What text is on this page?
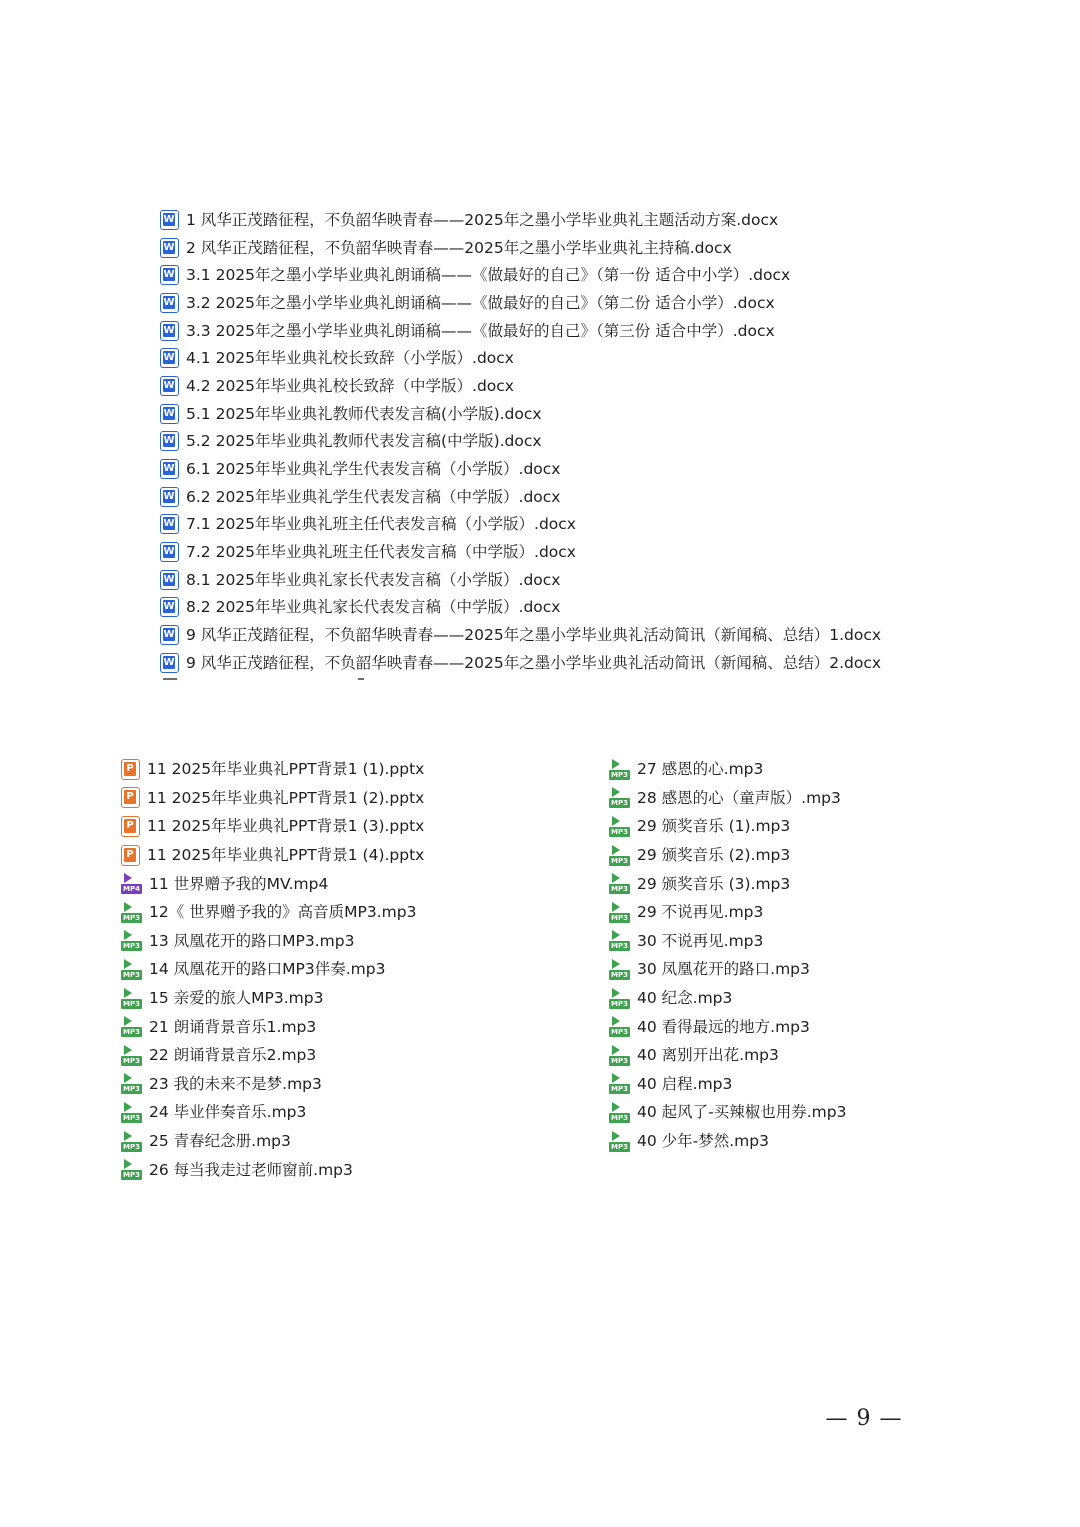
W
1 风华正茂踏征程，不负韶华映青春——2025年之墨小学毕业典礼主题活动方案.docx
W
2 风华正茂踏征程，不负韶华映青春——2025年之墨小学毕业典礼主持稿.docx
W
3.1 2025年之墨小学毕业典礼朗诵稿——《做最好的自己》（第一份 适合中小学）.docx
W
3.2 2025年之墨小学毕业典礼朗诵稿——《做最好的自己》（第二份 适合小学）.docx
W
3.3 2025年之墨小学毕业典礼朗诵稿——《做最好的自己》（第三份 适合中学）.docx
W
4.1 2025年毕业典礼校长致辞（小学版）.docx
W
4.2 2025年毕业典礼校长致辞（中学版）.docx
W
5.1 2025年毕业典礼教师代表发言稿(小学版).docx
W
5.2 2025年毕业典礼教师代表发言稿(中学版).docx
W
6.1 2025年毕业典礼学生代表发言稿（小学版）.docx
W
6.2 2025年毕业典礼学生代表发言稿（中学版）.docx
W
7.1 2025年毕业典礼班主任代表发言稿（小学版）.docx
W
7.2 2025年毕业典礼班主任代表发言稿（中学版）.docx
W
8.1 2025年毕业典礼家长代表发言稿（小学版）.docx
W
8.2 2025年毕业典礼家长代表发言稿（中学版）.docx
W
9 风华正茂踏征程，不负韶华映青春——2025年之墨小学毕业典礼活动简讯（新闻稿、总结）1.docx
W
9 风华正茂踏征程，不负韶华映青春——2025年之墨小学毕业典礼活动简讯（新闻稿、总结）2.docx
P
11 2025年毕业典礼PPT背景1 (1).pptx
P
11 2025年毕业典礼PPT背景1 (2).pptx
P
11 2025年毕业典礼PPT背景1 (3).pptx
P
11 2025年毕业典礼PPT背景1 (4).pptx
MP4
11 世界赠予我的MV.mp4
MP3
12《 世界赠予我的》高音质MP3.mp3
MP3
13 凤凰花开的路口MP3.mp3
MP3
14 凤凰花开的路口MP3伴奏.mp3
MP3
15 亲爱的旅人MP3.mp3
MP3
21 朗诵背景音乐1.mp3
MP3
22 朗诵背景音乐2.mp3
MP3
23 我的未来不是梦.mp3
MP3
24 毕业伴奏音乐.mp3
MP3
25 青春纪念册.mp3
MP3
26 每当我走过老师窗前.mp3
MP3
27 感恩的心.mp3
MP3
28 感恩的心（童声版）.mp3
MP3
29 颁奖音乐 (1).mp3
MP3
29 颁奖音乐 (2).mp3
MP3
29 颁奖音乐 (3).mp3
MP3
29 不说再见.mp3
MP3
30 不说再见.mp3
MP3
30 凤凰花开的路口.mp3
MP3
40 纪念.mp3
MP3
40 看得最远的地方.mp3
MP3
40 离别开出花.mp3
MP3
40 启程.mp3
MP3
40 起风了-买辣椒也用券.mp3
MP3
40 少年-梦然.mp3
— 9 —
